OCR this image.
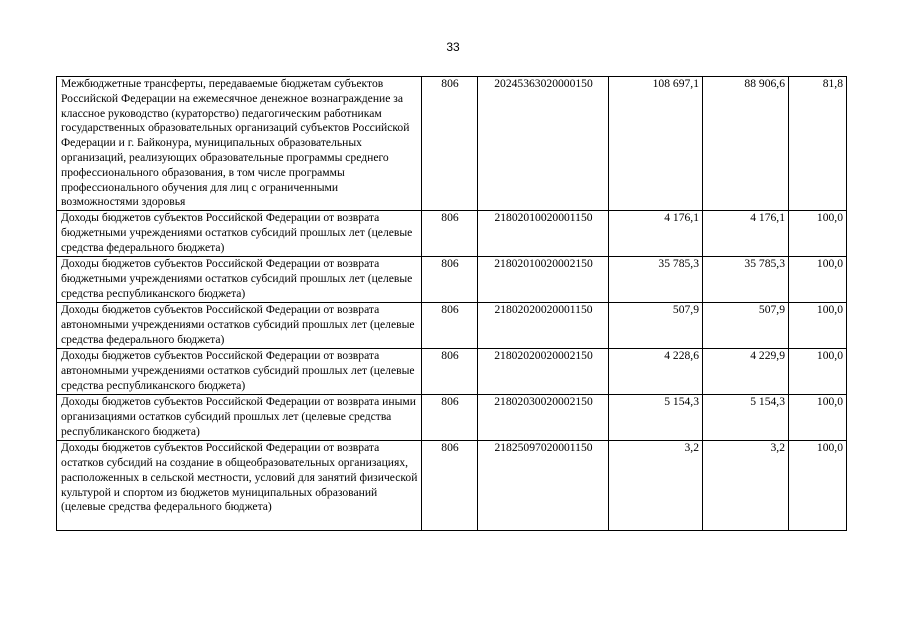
33
Межбюджетные трансферты, передаваемые бюджетам субъектов Российской Федерации на ежемесячное денежное вознаграждение за классное руководство (кураторство) педагогическим работникам государственных образовательных организаций субъектов Российской Федерации и г. Байконура, муниципальных образовательных организаций, реализующих образовательные программы среднего профессионального образования, в том числе программы профессионального обучения для лиц с ограниченными возможностями здоровья	806	20245363020000150	108 697,1	88 906,6	81,8
Доходы бюджетов субъектов Российской Федерации от возврата бюджетными учреждениями остатков субсидий прошлых лет (целевые средства федерального бюджета)	806	21802010020001150	4 176,1	4 176,1	100,0
Доходы бюджетов субъектов Российской Федерации от возврата бюджетными учреждениями остатков субсидий прошлых лет (целевые средства республиканского бюджета)	806	21802010020002150	35 785,3	35 785,3	100,0
Доходы бюджетов субъектов Российской Федерации от возврата автономными учреждениями остатков субсидий прошлых лет (целевые средства федерального бюджета)	806	21802020020001150	507,9	507,9	100,0
Доходы бюджетов субъектов Российской Федерации от возврата автономными учреждениями остатков субсидий прошлых лет (целевые средства республиканского бюджета)	806	21802020020002150	4 228,6	4 229,9	100,0
Доходы бюджетов субъектов Российской Федерации от возврата иными организациями остатков субсидий прошлых лет (целевые средства республиканского бюджета)	806	21802030020002150	5 154,3	5 154,3	100,0
Доходы бюджетов субъектов Российской Федерации от возврата остатков субсидий на создание в общеобразовательных организациях, расположенных в сельской местности, условий для занятий физической культурой и спортом из бюджетов муниципальных образований (целевые средства федерального бюджета)	806	21825097020001150	3,2	3,2	100,0
